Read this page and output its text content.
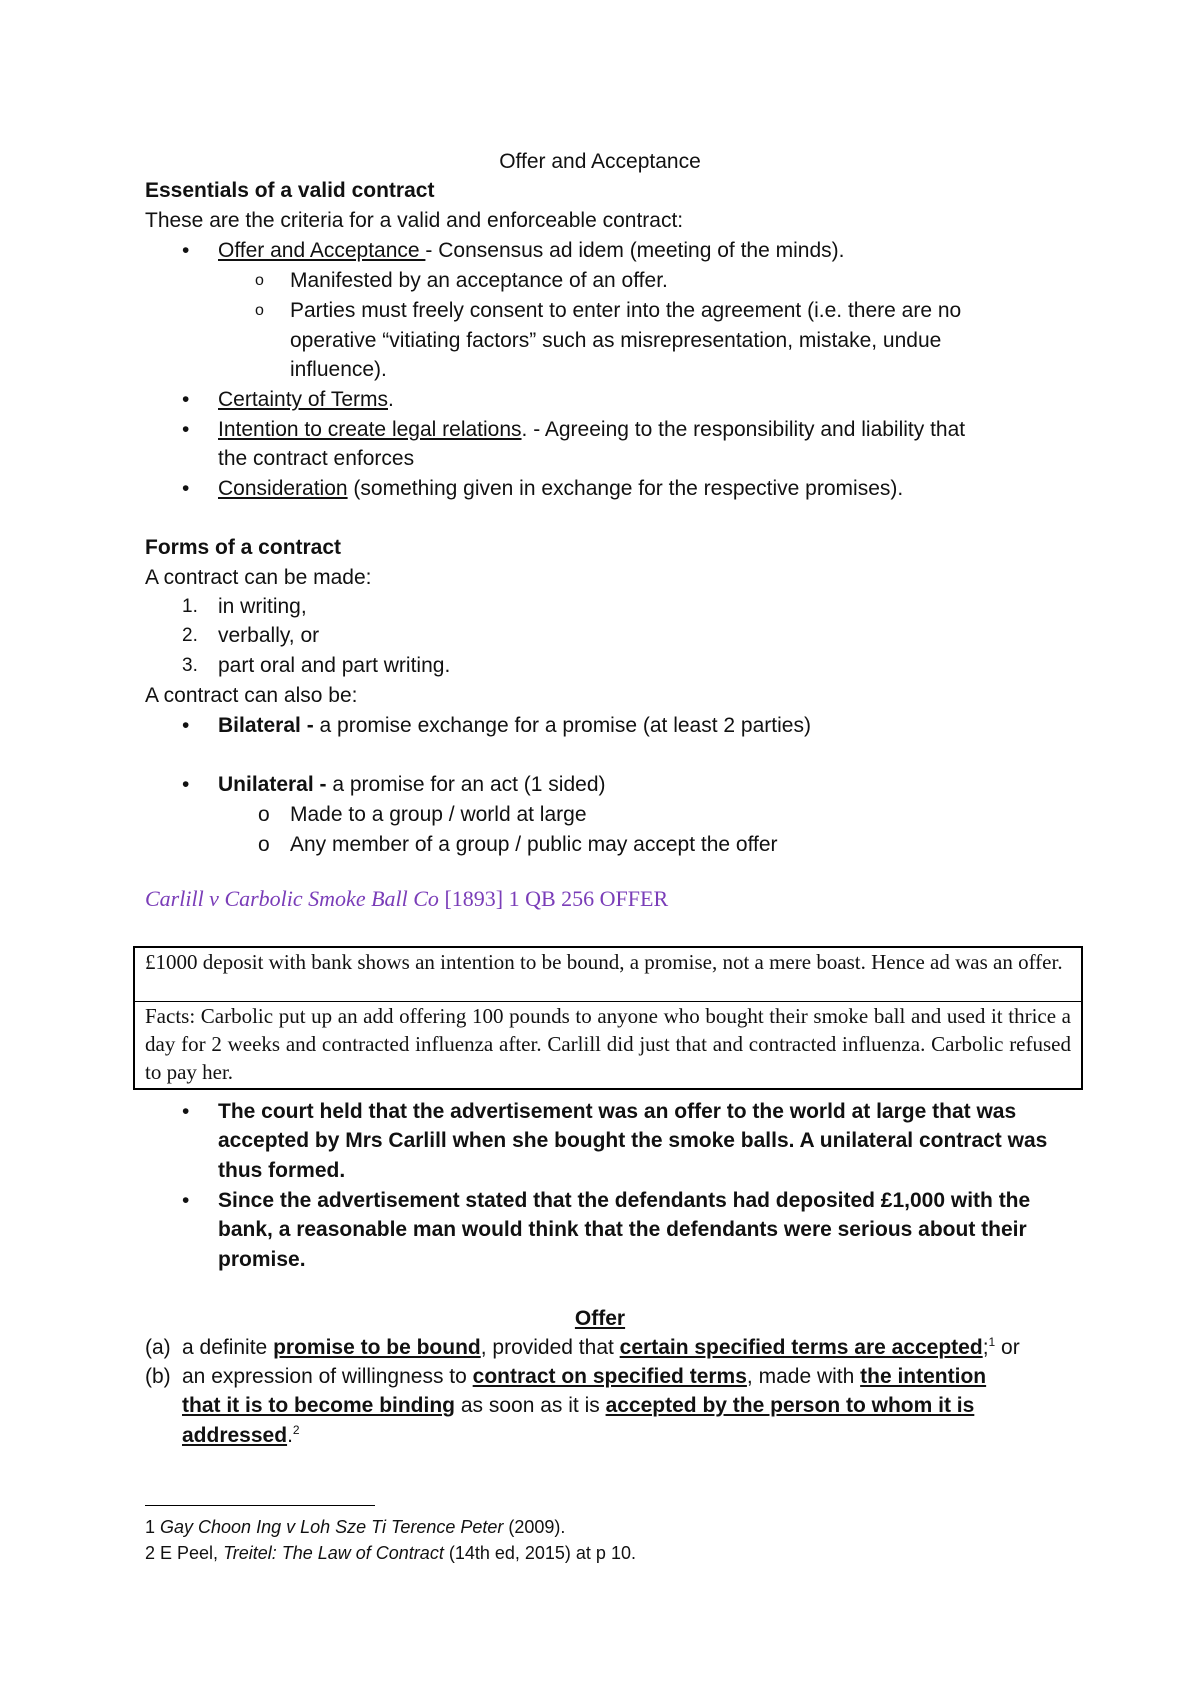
Offer and Acceptance
Essentials of a valid contract
These are the criteria for a valid and enforceable contract:
• Offer and Acceptance - Consensus ad idem (meeting of the minds).
o Manifested by an acceptance of an offer.
o Parties must freely consent to enter into the agreement (i.e. there are no
operative “vitiating factors” such as misrepresentation, mistake, undue
influence).
• Certainty of Terms.
• Intention to create legal relations. - Agreeing to the responsibility and liability that
the contract enforces
• Consideration (something given in exchange for the respective promises).
Forms of a contract
A contract can be made:
1. in writing,
2. verbally, or
3. part oral and part writing.
A contract can also be:
• Bilateral - a promise exchange for a promise (at least 2 parties)
• Unilateral - a promise for an act (1 sided)
o Made to a group / world at large
o Any member of a group / public may accept the offer
Carlill v Carbolic Smoke Ball Co [1893] 1 QB 256 OFFER
£1000 deposit with bank shows an intention to be bound, a promise, not a mere boast. Hence ad was an offer.
Facts: Carbolic put up an add offering 100 pounds to anyone who bought their smoke ball and used it thrice a day for 2 weeks and contracted influenza after. Carlill did just that and contracted influenza. Carbolic refused to pay her.
• The court held that the advertisement was an offer to the world at large that was
accepted by Mrs Carlill when she bought the smoke balls. A unilateral contract was
thus formed.
• Since the advertisement stated that the defendants had deposited £1,000 with the
bank, a reasonable man would think that the defendants were serious about their
promise.
Offer
(a) a definite promise to be bound, provided that certain specified terms are accepted;$^1$ or
(b) an expression of willingness to contract on specified terms, made with the intention
that it is to become binding as soon as it is accepted by the person to whom it is
addressed.$^2$
1 Gay Choon Ing v Loh Sze Ti Terence Peter (2009).
2 E Peel, Treitel: The Law of Contract (14th ed, 2015) at p 10.
